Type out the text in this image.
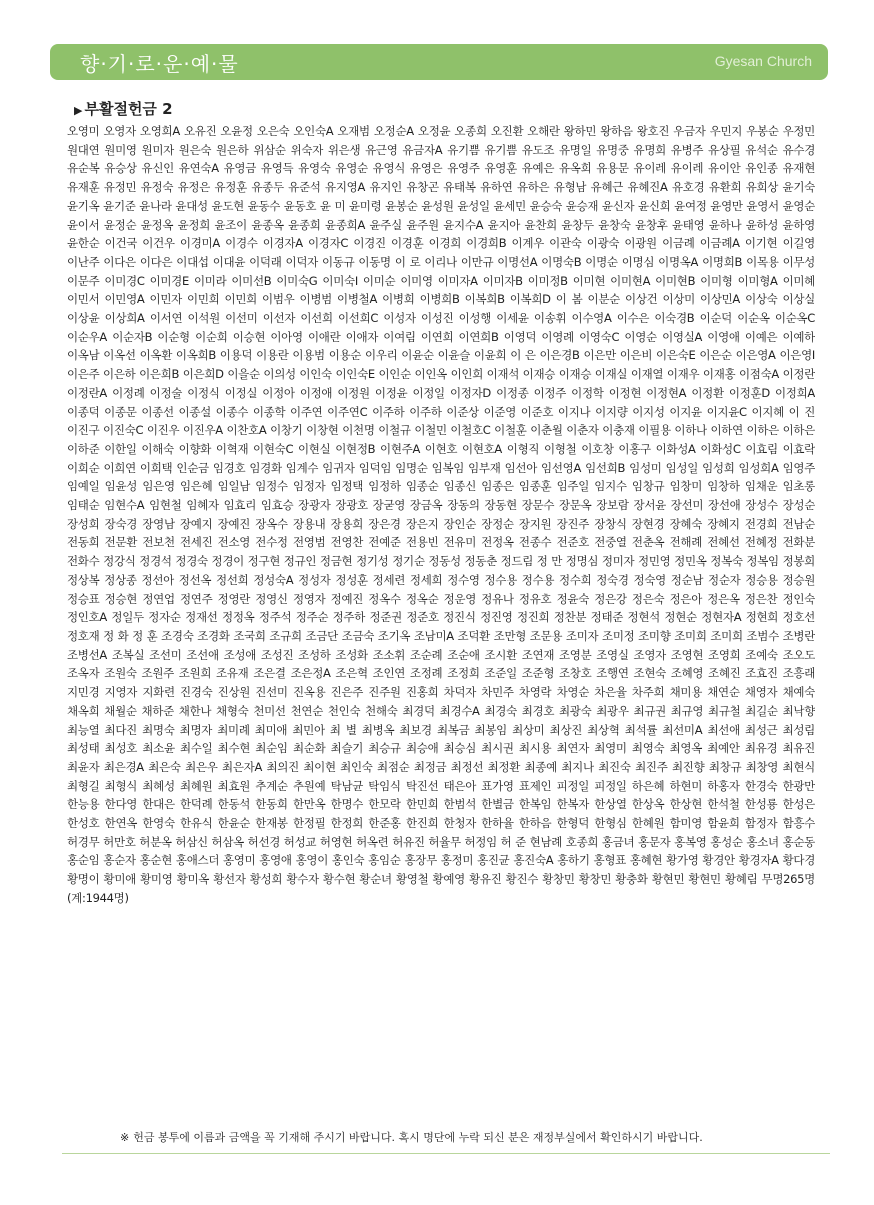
향·기·로·운·예·물	Gyesan Church
▶ 부활절헌금 2
오영미 오영자 오영희A 오유진 오윤정 오은숙 오인숙A 오재범 오정순A 오정윤 오종희 오진환 오해란 왕하민 왕하음 왕호진 우금자 우민지 우봉순 우정민 원대연 원미영 원미자 원은숙 원은하 위삼순 위숙자 위은생 유근영 유금자A 유기쁨 유기쁨 유도조 유명일 유명중 유명희 유병주 유상필 유석순 유수경 유순복 유승상 유신인 유연숙A 유영금 유영득 유영숙 유영순 유영식 유영은 유영주 유영훈 유예은 유옥희 유용문 유이레 유이레 유이안 유인종 유재현 유재훈 유정민 유정숙 유정은 유정훈 유종두 유준석 유지영A 유지인 유창곤 유태복 유하연 유하은 유형남 유혜근 유혜진A 유호경 유환희 유희상 윤기숙 윤기옥 윤기준 윤나라 윤대성 윤도현 윤동수 윤동호 윤 미 윤미령 윤봉순 윤성원 윤성일 윤세민 윤승숙 윤승재 윤신자 윤신희 윤여정 윤영만 윤영서 윤영순 윤이서 윤정순 윤정옥 윤정희 윤조이 윤종옥 윤종희 윤종희A 윤주실 윤주원 윤지수A 윤지아 윤찬희 윤창두 윤창숙 윤창후 윤태영 윤하나 윤하성 윤하영 윤한순 이건국 이건우 이경미A 이경수 이경자A 이경자C 이경진 이경훈 이경희 이경희B 이계우 이관숙 이광숙 이광원 이금례 이금례A 이기현 이길영 이난주 이다은 이다은 이대섭 이대윤 이덕래 이덕자 이동규 이동명 이 로 이리나 이만규 이명선A 이명숙B 이명순 이명심 이명옥A 이명희B 이목용 이무성 이문주 이미경C 이미경E 이미라 이미선B 이미숙G 이미숙I 이미순 이미영 이미자A 이미자B 이미정B 이미현 이미현A 이미현B 이미형 이미형A 이미혜 이민서 이민영A 이민자 이민희 이민희 이범우 이병범 이병철A 이병희 이병희B 이복희B 이복희D 이 봄 이분순 이상건 이상미 이상민A 이상숙 이상실 이상윤 이상희A 이서연 이석원 이선미 이선자 이선희 이선희C 이성자 이성진 이성행 이세윤 이송휘 이수영A 이수은 이숙경B 이순덕 이순옥 이순옥C 이순우A 이순자B 이순형 이순희 이승현 이아영 이애란 이애자 이여림 이연희 이연희B 이영덕 이영례 이영숙C 이영순 이영실A 이영애 이예은 이예하 이옥남 이옥선 이옥환 이옥희B 이용덕 이용란 이용범 이용순 이우리 이윤순 이윤슬 이윤희 이 은 이은경B 이은만 이은비 이은숙E 이은순 이은영A 이은영I 이은주 이은하 이은희B 이은희D 이을순 이의성 이인숙 이인숙E 이인순 이인옥 이인희 이재석 이재승 이재승 이재실 이재열 이재우 이재홍 이점숙A 이정란 이정란A 이정례 이정술 이정식 이정실 이정아 이정애 이정원 이정윤 이정일 이정자D 이정종 이정주 이정학 이정현 이정현A 이정환 이정훈D 이정희A 이종덕 이종문 이종선 이종설 이종수 이종학 이주연 이주연C 이주하 이주하 이준상 이준영 이준호 이지나 이지량 이지성 이지윤 이지윤C 이지혜 이 진 이진구 이진숙C 이진우 이진우A 이찬호A 이창기 이창현 이천명 이철규 이철민 이철호C 이철훈 이춘월 이춘자 이충재 이필용 이하나 이하연 이하은 이하은 이하준 이한일 이해숙 이향화 이혁재 이현숙C 이현실 이현정B 이현주A 이현호 이현호A 이형직 이형철 이호창 이홍구 이화성A 이화성C 이효림 이효락 이희순 이희연 이희택 인순금 임경호 임경화 임계수 임귀자 임덕임 임명순 임복임 임부재 임선아 임선영A 임선희B 임성미 임성일 임성희 임성희A 임영주 임예일 임윤성 임은영 임은혜 임일남 임정수 임정자 임정택 임정하 임종순 임종신 임종은 임종훈 임주일 임지수 임창규 임창미 임창하 임채운 임초롱 임태순 임현수A 임현철 임혜자 임효리 임효승 장광자 장광호 장굳영 장금옥 장동의 장동현 장문수 장문옥 장보람 장서윤 장선미 장선애 장성수 장성순 장성희 장숙경 장영남 장예지 장예진 장옥수 장용내 장용희 장은경 장은지 장인순 장정순 장지원 장진주 장창식 장현경 장혜숙 장혜지 전경희 전남순 전동희 전문환 전보천 전세진 전소영 전수정 전영범 전영찬 전예준 전용빈 전유미 전정옥 전종수 전준호 전중열 전춘옥 전해례 전혜선 전혜정 전화분 전화수 정강식 정경석 정경숙 정경이 정구현 정규인 정금현 정기성 정기순 정동성 정동춘 정드림 정 만 정명심 정미자 정민영 정민옥 정복숙 정복임 정봉희 정상복 정상종 정선아 정선옥 정선희 정성숙A 정성자 정성훈 정세련 정세희 정수영 정수용 정수용 정수희 정숙경 정숙영 정순남 정순자 정승용 정승원 정승표 정승현 정연업 정연주 정영란 정영신 정영자 정예진 정옥수 정옥순 정운영 정유나 정유호 정윤숙 정은강 정은숙 정은아 정은옥 정은찬 정인숙 정인호A 정일두 정자순 정재선 정정옥 정주석 정주순 정주하 정준권 정준호 정진식 정진영 정진희 정찬분 정태준 정현석 정현순 정현자A 정현희 정호선 정호재 정 화 정 훈 조경숙 조경화 조국희 조규희 조금단 조금숙 조기옥 조남미A 조덕환 조만형 조문용 조미자 조미정 조미향 조미희 조미희 조범수 조병란 조병선A 조복실 조선미 조선애 조성애 조성진 조성하 조성화 조소휘 조순례 조순애 조시환 조연재 조영분 조영실 조영자 조영현 조영희 조예숙 조오도 조옥자 조원숙 조원주 조원희 조유재 조은결 조은정A 조은혁 조인연 조정례 조정희 조준일 조준형 조창호 조행연 조현숙 조혜영 조혜진 조효진 조흥래 지민경 지영자 지화련 진경숙 진상원 진선미 진옥용 진은주 진주원 진홍희 차덕자 차민주 차영락 차영순 차은율 차주희 채미용 채연순 채영자 채예숙 채옥희 채월순 채하준 채한나 채형숙 천미선 천연순 천인숙 천해숙 최경덕 최경수A 최경숙 최경호 최광숙 최광우 최규권 최규영 최규철 최길순 최낙향 최능열 최다진 최명숙 최명자 최미례 최미애 최민아 최 별 최병옥 최보경 최복금 최봉임 최상미 최상진 최상혁 최석률 최선미A 최선애 최성근 최성림 최성태 최성호 최소윤 최수일 최수현 최순임 최순화 최슬기 최승규 최승애 최승심 최시권 최시용 최연자 최영미 최영숙 최영옥 최예안 최유경 최유진 최윤자 최은경A 최은숙 최은우 최은자A 최의진 최이현 최인숙 최점순 최정금 최정선 최정환 최종예 최지나 최진숙 최진주 최진향 최창규 최창영 최현식 최형길 최형식 최혜성 최혜원 최효원 추계순 추원예 탁남균 탁임식 탁진선 태은아 표가영 표제인 피정일 피정일 하은혜 하현미 하홍자 한경숙 한광만 한능용 한다영 한대은 한덕례 한동석 한동희 한만옥 한명수 한모락 한민희 한범석 한별금 한복임 한복자 한상열 한상옥 한상현 한석철 한성룡 한성은 한성호 한연옥 한영숙 한유식 한윤순 한재봉 한정필 한정희 한준홍 한진희 한청자 한하율 한하음 한형덕 한형심 한혜원 함미영 함윤희 함정자 함흥수 허경무 허만호 허분옥 허삼신 허삼옥 허선경 허성교 허영현 허옥련 허유진 허율무 허정임 허 준 현남례 호종희 홍금녀 홍문자 홍복영 홍성순 홍소녀 홍순동 홍순임 홍순자 홍순현 홍애스더 홍영미 홍영애 홍영이 홍인숙 홍임순 홍장무 홍정미 홍진균 홍진숙A 홍하기 홍형표 홍혜현 황가영 황경안 황경자A 황다경 황명이 황미애 황미영 황미옥 황선자 황성희 황수자 황수현 황순녀 황영철 황예영 황유진 황진수 황창민 황창민 황충화 황현민 황현민 황혜림 무명265명 (계:1944명)
※ 헌금 봉투에 이름과 금액을 꼭 기재해 주시기 바랍니다. 혹시 명단에 누락 되신 분은 재정부실에서 확인하시기 바랍니다.
